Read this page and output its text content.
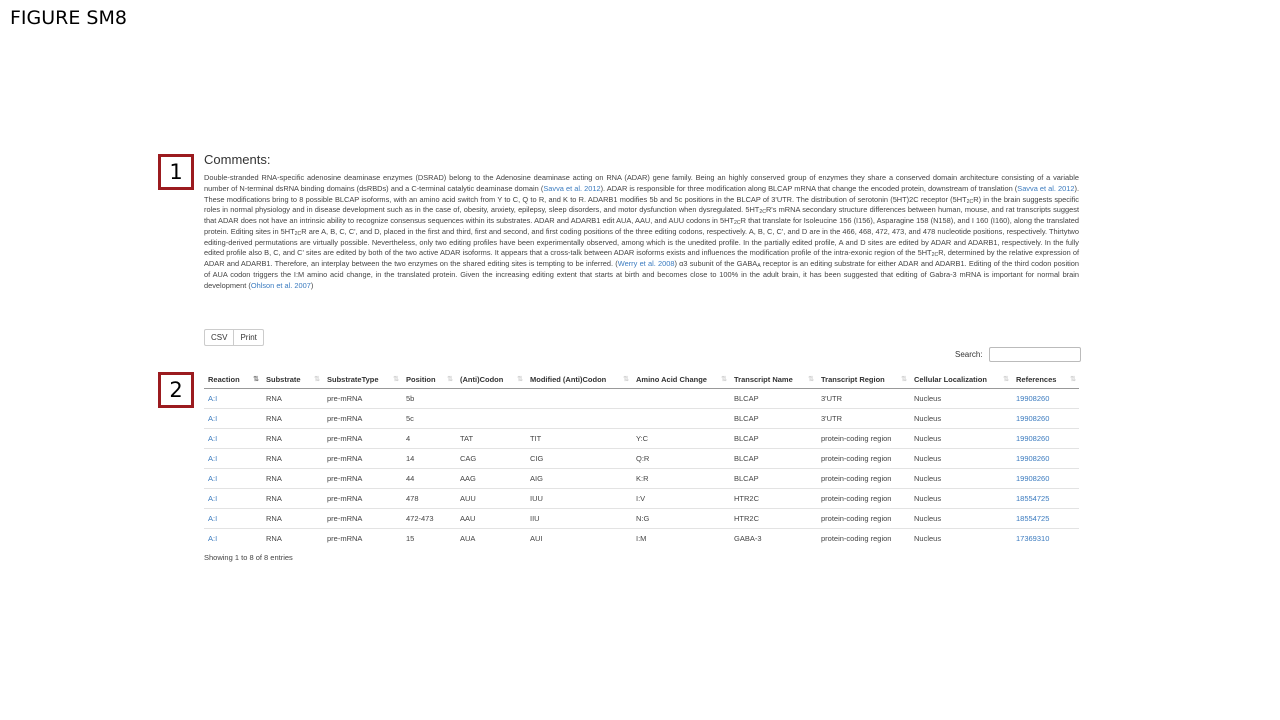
FIGURE SM8
1
2
Comments:

Double-stranded RNA-specific adenosine deaminase enzymes (DSRAD) belong to the Adenosine deaminase acting on RNA (ADAR) gene family. Being an highly conserved group of enzymes they share a conserved domain architecture consisting of a variable number of N-terminal dsRNA binding domains (dsRBDs) and a C-terminal catalytic deaminase domain (Savva et al. 2012). ADAR is responsible for three modification along BLCAP mRNA that change the encoded protein, downstream of translation (Savva et al. 2012). These modifications bring to 8 possible BLCAP isoforms, with an amino acid switch from Y to C, Q to R, and K to R. ADARB1 modifies 5b and 5c positions in the BLCAP of 3'UTR. The distribution of serotonin (5HT)2C receptor $(5HT_{2C}R)$ in the brain suggests specific roles in normal physiology and in disease development such as in the case of, obesity, anxiety, epilepsy, sleep disorders, and motor dysfunction when dysregulated. $5HT_{2C}R's$ mRNA secondary structure differences between human, mouse, and rat transcripts suggest that ADAR does not have an intrinsic ability to recognize consensus sequences within its substrates. ADAR and ADARB1 edit AUA, AAU, and AUU codons in $5HT_{2C}R$ that translate for Isoleucine 156 (I156), Asparagine 158 (N158), and I 160 (I160), along the translated protein. Editing sites in $5HT_{2C}R$ are A, B, C, C', and D, placed in the first and third, first and second, and first coding positions of the three editing codons, respectively. A, B, C, C', and D are in the 466, 468, 472, 473, and 478 nucleotide positions, respectively. Thirtytwo editing-derived permutations are virtually possible. Nevertheless, only two editing profiles have been experimentally observed, among which is the unedited profile. In the partially edited profile, A and D sites are edited by ADAR and ADARB1, respectively. In the fully edited profile also B, C, and C' sites are edited by both of the two active ADAR isoforms. It appears that a cross-talk between ADAR isoforms exists and influences the modification profile of the intra-exonic region of the $5HT_{2C}R$, determined by the relative expression of ADAR and ADARB1. Therefore, an interplay between the two enzymes on the shared editing sites is tempting to be inferred. (Werry et al. 2008) α3 subunit of the $GABA_A$ receptor is an editing substrate for either ADAR and ADARB1. Editing of the third codon position of AUA codon triggers the I:M amino acid change, in the translated protein. Given the increasing editing extent that starts at birth and becomes close to 100% in the adult brain, it has been suggested that editing of Gabra-3 mRNA is important for normal brain development (Ohlson et al. 2007)

CSV	Print
Search:
Reaction ⇅	Substrate ⇅	SubstrateType ⇅	Position ⇅	(Anti)Codon ⇅	Modified (Anti)Codon ⇅	Amino Acid Change ⇅	Transcript Name ⇅	Transcript Region ⇅	Cellular Localization ⇅	References ⇅

A:I	RNA	pre-mRNA	5b				BLCAP	3'UTR	Nucleus	19908260
A:I	RNA	pre-mRNA	5c				BLCAP	3'UTR	Nucleus	19908260
A:I	RNA	pre-mRNA	4	TAT	TIT	Y:C	BLCAP	protein-coding region	Nucleus	19908260
A:I	RNA	pre-mRNA	14	CAG	CIG	Q:R	BLCAP	protein-coding region	Nucleus	19908260
A:I	RNA	pre-mRNA	44	AAG	AIG	K:R	BLCAP	protein-coding region	Nucleus	19908260
A:I	RNA	pre-mRNA	478	AUU	IUU	I:V	HTR2C	protein-coding region	Nucleus	18554725
A:I	RNA	pre-mRNA	472-473	AAU	IIU	N:G	HTR2C	protein-coding region	Nucleus	18554725
A:I	RNA	pre-mRNA	15	AUA	AUI	I:M	GABA-3	protein-coding region	Nucleus	17369310
Showing 1 to 8 of 8 entries
